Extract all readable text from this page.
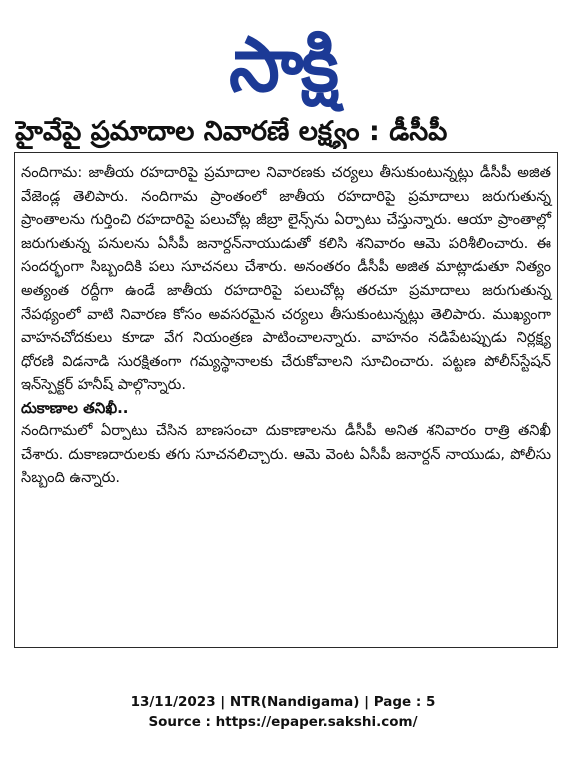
సాక్షి
హైవేపై ప్రమాదాల నివారణే లక్ష్యం : డీసీపీ

నందిగామ: జాతీయ రహదారిపై ప్రమాదాల నివారణకు చర్యలు తీసుకుంటున్నట్లు డీసీపీ అజిత వేజెండ్ల తెలిపారు. నందిగామ ప్రాంతంలో జాతీయ రహదారిపై ప్రమాదాలు జరుగుతున్న ప్రాంతాలను గుర్తించి రహదారిపై పలుచోట్ల జీబ్రా లైన్స్‌ను ఏర్పాటు చేస్తున్నారు. ఆయా ప్రాంతాల్లో జరుగుతున్న పనులను ఏసీపీ జనార్దన్‌నాయుడుతో కలిసి శనివారం ఆమె పరిశీలించారు. ఈ సందర్భంగా సిబ్బందికి పలు సూచనలు చేశారు. అనంతరం డీసీపీ అజిత మాట్లాడుతూ నిత్యం అత్యంత రద్దీగా ఉండే జాతీయ రహదారిపై పలుచోట్ల తరచూ ప్రమాదాలు జరుగుతున్న నేపథ్యంలో వాటి నివారణ కోసం అవసరమైన చర్యలు తీసుకుంటున్నట్లు తెలిపారు. ముఖ్యంగా వాహనచోదకులు కూడా వేగ నియంత్రణ పాటించాలన్నారు. వాహనం నడిపేటప్పుడు నిర్లక్ష్య ధోరణి విడనాడి సురక్షితంగా గమ్యస్థానాలకు చేరుకోవాలని సూచించారు. పట్టణ పోలీస్‌స్టేషన్ ఇన్‌స్పెక్టర్ హనీష్ పాల్గొన్నారు.

దుకాణాల తనిఖీ..

నందిగామలో ఏర్పాటు చేసిన బాణసంచా దుకాణాలను డీసీపీ అనిత శనివారం రాత్రి తనిఖీ చేశారు. దుకాణదారులకు తగు సూచనలిచ్చారు. ఆమె వెంట ఏసీపీ జనార్దన్ నాయుడు, పోలీసు సిబ్బంది ఉన్నారు.

13/11/2023 | NTR(Nandigama) | Page : 5
Source : https://epaper.sakshi.com/
